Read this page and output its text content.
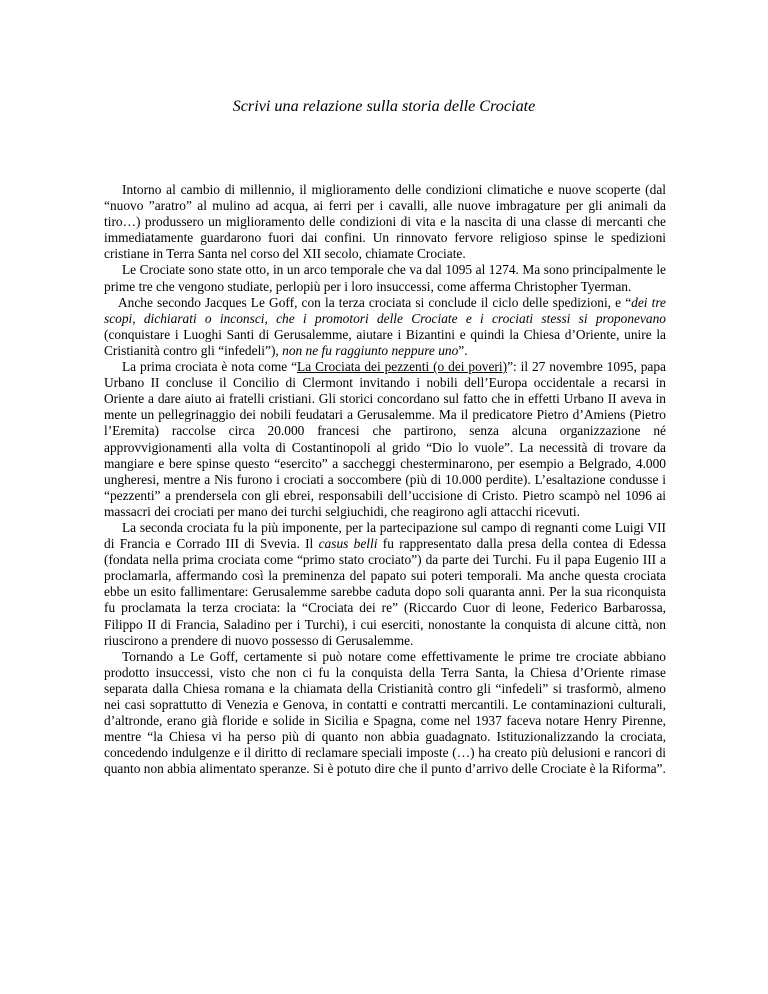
Scrivi una relazione sulla storia delle Crociate

Intorno al cambio di millennio, il miglioramento delle condizioni climatiche e nuove scoperte (dal “nuovo ”aratro” al mulino ad acqua, ai ferri per i cavalli, alle nuove imbragature per gli animali da tiro…) produssero un miglioramento delle condizioni di vita e la nascita di una classe di mercanti che immediatamente guardarono fuori dai confini. Un rinnovato fervore religioso spinse le spedizioni cristiane in Terra Santa nel corso del XII secolo, chiamate Crociate.

Le Crociate sono state otto, in un arco temporale che va dal 1095 al 1274. Ma sono principalmente le prime tre che vengono studiate, perlopiù per i loro insuccessi, come afferma Christopher Tyerman.

Anche secondo Jacques Le Goff, con la terza crociata si conclude il ciclo delle spedizioni, e “dei tre scopi, dichiarati o inconsci, che i promotori delle Crociate e i crociati stessi si proponevano (conquistare i Luoghi Santi di Gerusalemme, aiutare i Bizantini e quindi la Chiesa d’Oriente, unire la Cristianità contro gli “infedeli”), non ne fu raggiunto neppure uno”.

La prima crociata è nota come “La Crociata dei pezzenti (o dei poveri)”: il 27 novembre 1095, papa Urbano II concluse il Concilio di Clermont invitando i nobili dell’Europa occidentale a recarsi in Oriente a dare aiuto ai fratelli cristiani. Gli storici concordano sul fatto che in effetti Urbano II aveva in mente un pellegrinaggio dei nobili feudatari a Gerusalemme. Ma il predicatore Pietro d’Amiens (Pietro l’Eremita) raccolse circa 20.000 francesi che partirono, senza alcuna organizzazione né approvvigionamenti alla volta di Costantinopoli al grido “Dio lo vuole”. La necessità di trovare da mangiare e bere spinse questo “esercito” a saccheggi chesterminarono, per esempio a Belgrado, 4.000 ungheresi, mentre a Nis furono i crociati a soccombere (più di 10.000 perdite). L’esaltazione condusse i “pezzenti” a prendersela con gli ebrei, responsabili dell’uccisione di Cristo. Pietro scampò nel 1096 ai massacri dei crociati per mano dei turchi selgiuchidi, che reagirono agli attacchi ricevuti.

La seconda crociata fu la più imponente, per la partecipazione sul campo di regnanti come Luigi VII di Francia e Corrado III di Svevia. Il casus belli fu rappresentato dalla presa della contea di Edessa (fondata nella prima crociata come “primo stato crociato”) da parte dei Turchi. Fu il papa Eugenio III a proclamarla, affermando così la preminenza del papato sui poteri temporali. Ma anche questa crociata ebbe un esito fallimentare: Gerusalemme sarebbe caduta dopo soli quaranta anni. Per la sua riconquista fu proclamata la terza crociata: la “Crociata dei re” (Riccardo Cuor di leone, Federico Barbarossa, Filippo II di Francia, Saladino per i Turchi), i cui eserciti, nonostante la conquista di alcune città, non riuscirono a prendere di nuovo possesso di Gerusalemme.

Tornando a Le Goff, certamente si può notare come effettivamente le prime tre crociate abbiano prodotto insuccessi, visto che non ci fu la conquista della Terra Santa, la Chiesa d’Oriente rimase separata dalla Chiesa romana e la chiamata della Cristianità contro gli “infedeli” si trasformò, almeno nei casi soprattutto di Venezia e Genova, in contatti e contratti mercantili. Le contaminazioni culturali, d’altronde, erano già floride e solide in Sicilia e Spagna, come nel 1937 faceva notare Henry Pirenne, mentre “la Chiesa vi ha perso più di quanto non abbia guadagnato. Istituzionalizzando la crociata, concedendo indulgenze e il diritto di reclamare speciali imposte (…) ha creato più delusioni e rancori di quanto non abbia alimentato speranze. Si è potuto dire che il punto d’arrivo delle Crociate è la Riforma”.
